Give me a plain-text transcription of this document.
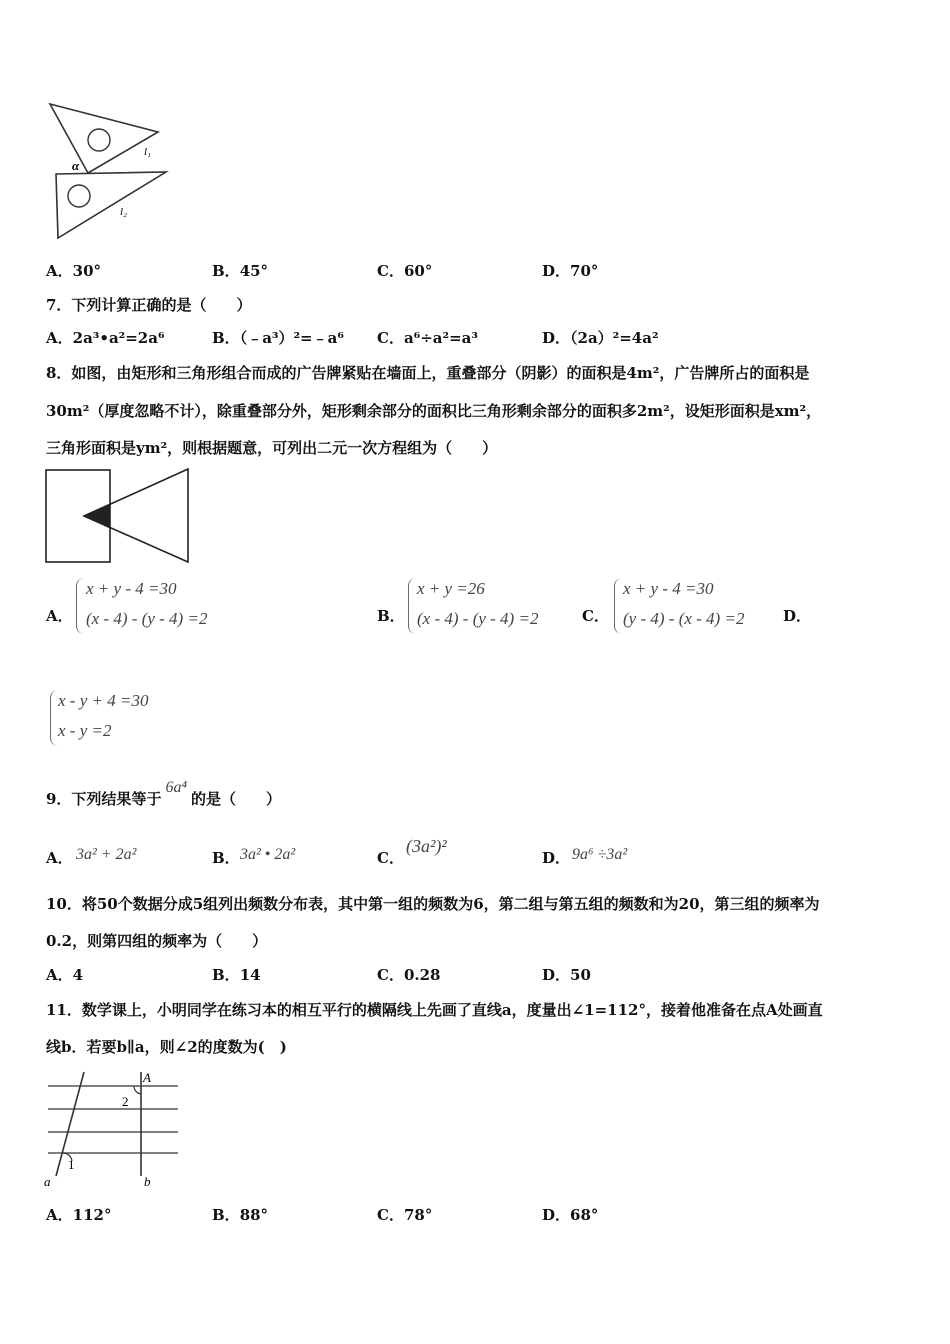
α
l₁
l₂
A．30°	B．45°	C．60°	D．70°
7．下列计算正确的是（　　）
A．2a³•a²=2a⁶	B．（﹣a³）²=﹣a⁶ C．a⁶÷a²=a³	D．（2a）²=4a²
8．如图，由矩形和三角形组合而成的广告牌紧贴在墙面上，重叠部分（阴影）的面积是4m²，广告牌所占的面积是
30m²（厚度忽略不计），除重叠部分外，矩形剩余部分的面积比三角形剩余部分的面积多2m²，设矩形面积是xm²，
三角形面积是ym²，则根据题意，可列出二元一次方程组为（　　）
A．
x + y - 4 =30
(x - 4) - (y - 4) =2	B．
x + y =26
(x - 4) - (y - 4) =2	C．
x + y - 4 =30
(y - 4) - (x - 4) =2	D．
x - y + 4 =30
x - y =2
9．下列结果等于6a⁴的是（　　）
A． 3a² + 2a²	B． 3a² • 2a²	C．
(3a²)²
D． 9a⁶ ÷3a²
10．将50个数据分成5组列出频数分布表，其中第一组的频数为6，第二组与第五组的频数和为20，第三组的频率为
0.2，则第四组的频率为（　　）
A．4	B．14	C．0.28	D．50
11．数学课上，小明同学在练习本的相互平行的横隔线上先画了直线a，度量出∠1=112°，接着他准备在点A处画直
线b．若要b∥a，则∠2的度数为(　)
A
2
1
a	b
A．112°	B．88°	C．78°	D．68°
